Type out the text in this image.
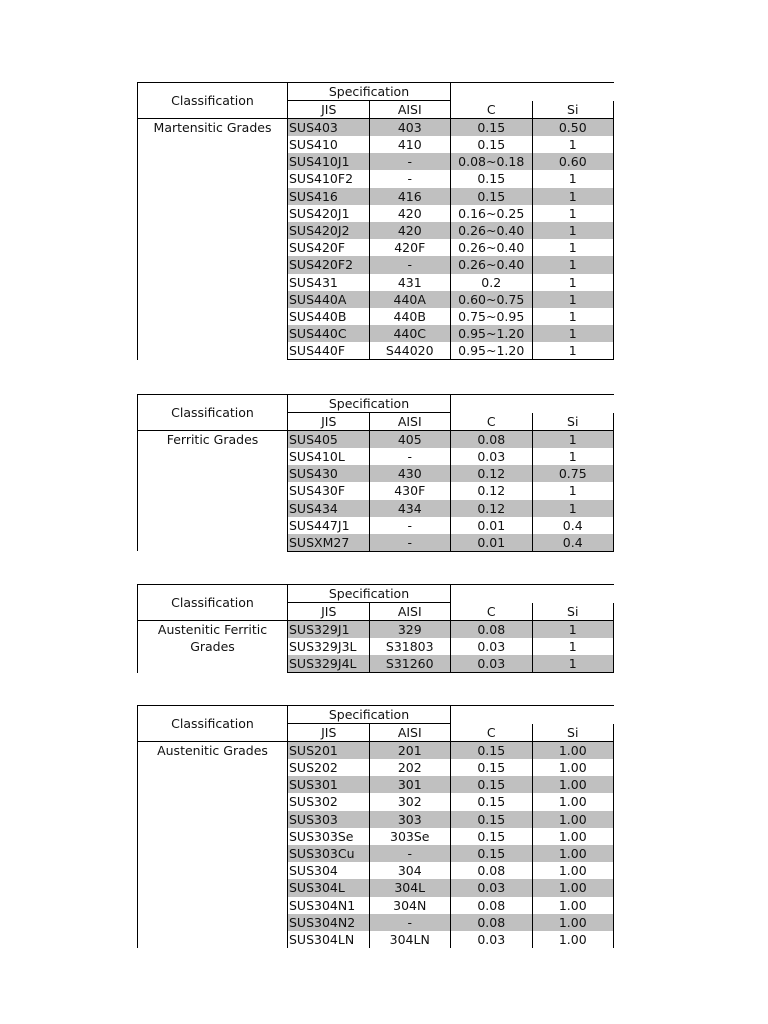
Classification	Specification			
	JIS	AISI	C	Si
Martensitic Grades	SUS403	403	0.15	0.50
	SUS410	410	0.15	1
	SUS410J1	-	0.08~0.18	0.60
	SUS410F2	-	0.15	1
	SUS416	416	0.15	1
	SUS420J1	420	0.16~0.25	1
	SUS420J2	420	0.26~0.40	1
	SUS420F	420F	0.26~0.40	1
	SUS420F2	-	0.26~0.40	1
	SUS431	431	0.2	1
	SUS440A	440A	0.60~0.75	1
	SUS440B	440B	0.75~0.95	1
	SUS440C	440C	0.95~1.20	1
	SUS440F	S44020	0.95~1.20	1
Classification	Specification			
	JIS	AISI	C	Si
Ferritic Grades	SUS405	405	0.08	1
	SUS410L	-	0.03	1
	SUS430	430	0.12	0.75
	SUS430F	430F	0.12	1
	SUS434	434	0.12	1
	SUS447J1	-	0.01	0.4
	SUSXM27	-	0.01	0.4
Classification	Specification			
	JIS	AISI	C	Si
Austenitic Ferritic Grades	SUS329J1	329	0.08	1
	SUS329J3L	S31803	0.03	1
	SUS329J4L	S31260	0.03	1
Classification	Specification			
	JIS	AISI	C	Si
Austenitic Grades	SUS201	201	0.15	1.00
	SUS202	202	0.15	1.00
	SUS301	301	0.15	1.00
	SUS302	302	0.15	1.00
	SUS303	303	0.15	1.00
	SUS303Se	303Se	0.15	1.00
	SUS303Cu	-	0.15	1.00
	SUS304	304	0.08	1.00
	SUS304L	304L	0.03	1.00
	SUS304N1	304N	0.08	1.00
	SUS304N2	-	0.08	1.00
	SUS304LN	304LN	0.03	1.00
